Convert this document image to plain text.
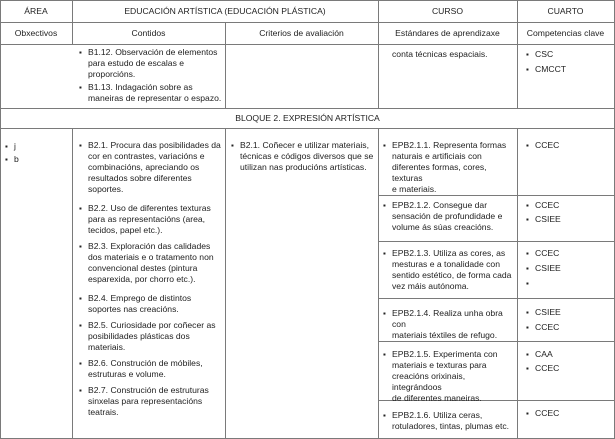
ÁREA	EDUCACIÓN ARTÍSTICA (EDUCACIÓN PLÁSTICA)	CURSO	CUARTO
Obxectivos	Contidos	Criterios de avaliación	Estándares de aprendizaxe	Competencias clave
▪ B1.12. Observación de elementos
para estudo de escalas e
proporcións.
▪ B1.13. Indagación sobre as
maneiras de representar o espazo.
conta técnicas espaciais.
▪	CSC
▪ CMCCT
BLOQUE 2. EXPRESIÓN ARTÍSTICA
▪ j
▪ b
▪ B2.1. Procura das posibilidades da
cor en contrastes, variacións e
combinacións, apreciando os
resultados sobre diferentes
soportes.
▪ B2.2. Uso de diferentes texturas
para as representacións (area,
tecidos, papel etc.).
▪ B2.3. Exploración das calidades
dos materiais e o tratamento non
convencional destes (pintura
esparexida, por chorro etc.).
▪ B2.4. Emprego de distintos
soportes nas creacións.
▪ B2.5. Curiosidade por coñecer as
posibilidades plásticas dos
materiais.
▪ B2.6. Construción de móbiles,
estruturas e volume.
▪ B2.7. Construción de estruturas
sinxelas para representacións
teatrais.
▪ B2.1. Coñecer e utilizar materiais,
técnicas e códigos diversos que se
utilizan nas producións artísticas.
▪ EPB2.1.1. Representa formas
naturais e artificiais con
diferentes formas, cores, texturas
e materiais.
▪ EPB2.1.2. Consegue dar
sensación de profundidade e
volume ás súas creacións.
▪ EPB2.1.3. Utiliza as cores, as
mesturas e a tonalidade con
sentido estético, de forma cada
vez máis autónoma.
▪ EPB2.1.4. Realiza unha obra con
materiais téxtiles de refugo.
▪ EPB2.1.5. Experimenta con
materiais e texturas para
creacións orixinais, integrándoos
de diferentes maneiras.
▪ EPB2.1.6. Utiliza ceras,
rotuladores, tintas, plumas etc.
▪ CCEC
▪ CCEC
▪ CSIEE
▪ CCEC
▪ CSIEE
▪ CSIEE
▪ CCEC
▪ CAA
▪ CCEC
▪ CCEC
